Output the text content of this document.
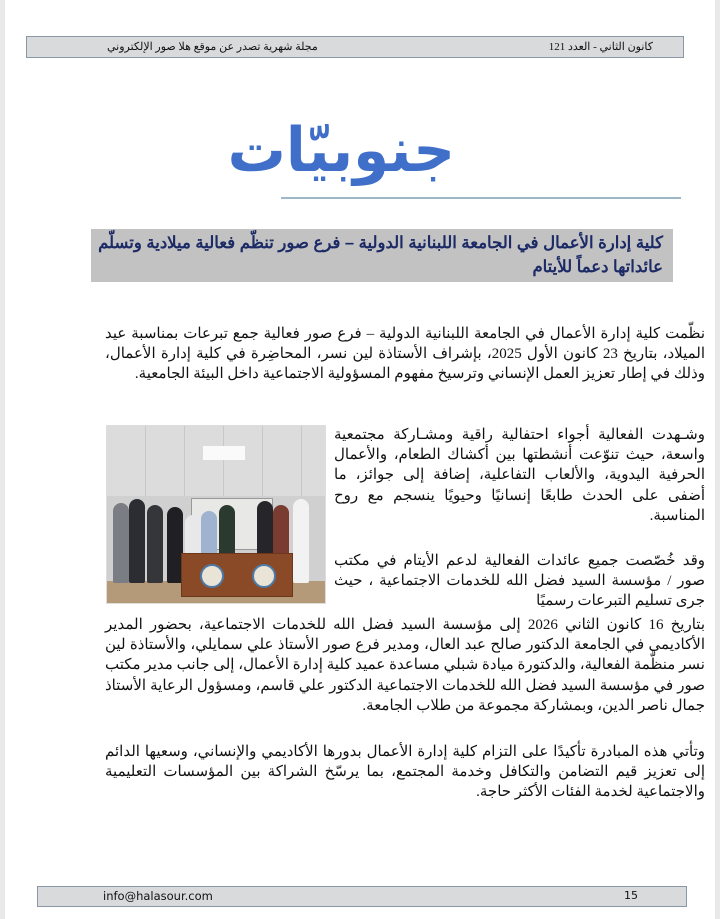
كانون الثاني - العدد 121
مجلة شهرية تصدر عن موقع هلا صور الإلكتروني
جنوبيّات
كلية إدارة الأعمال في الجامعة اللبنانية الدولية – فرع صور تنظّم فعالية ميلادية وتسلّم عائداتها دعماً للأيتام

نظّمت كلية إدارة الأعمال في الجامعة اللبنانية الدولية – فرع صور فعالية جمع تبرعات بمناسبة عيد الميلاد، بتاريخ 23 كانون الأول 2025، بإشراف الأستاذة لين نسر، المحاضِرة في كلية إدارة الأعمال، وذلك في إطار تعزيز العمل الإنساني وترسيخ مفهوم المسؤولية الاجتماعية داخل البيئة الجامعية.

وشـهدت الفعالية أجواء احتفالية راقية ومشـاركة مجتمعية واسعة، حيث تنوّعت أنشطتها بين أكشاك الطعام، والأعمال الحرفية اليدوية، والألعاب التفاعلية، إضافة إلى جوائز، ما أضفى على الحدث طابعًا إنسانيًا وحيويًا ينسجم مع روح المناسبة.

وقد خُصّصت جميع عائدات الفعالية لدعم الأيتام في مكتب صور / مؤسسة السيد فضل الله للخدمات الاجتماعية ، حيث جرى تسليم التبرعات رسميًا

بتاريخ 16 كانون الثاني 2026 إلى مؤسسة السيد فضل الله للخدمات الاجتماعية، بحضور المدير الأكاديمي في الجامعة الدكتور صالح عبد العال، ومدير فرع صور الأستاذ علي سمايلي، والأستاذة لين نسر منظّمة الفعالية، والدكتورة ميادة شبلي مساعدة عميد كلية إدارة الأعمال، إلى جانب مدير مكتب صور في مؤسسة السيد فضل الله للخدمات الاجتماعية الدكتور علي قاسم، ومسؤول الرعاية الأستاذ جمال ناصر الدين، وبمشاركة مجموعة من طلاب الجامعة.

وتأتي هذه المبادرة تأكيدًا على التزام كلية إدارة الأعمال بدورها الأكاديمي والإنساني، وسعيها الدائم إلى تعزيز قيم التضامن والتكافل وخدمة المجتمع، بما يرسّخ الشراكة بين المؤسسات التعليمية والاجتماعية لخدمة الفئات الأكثر حاجة.

info@halasour.com	15
